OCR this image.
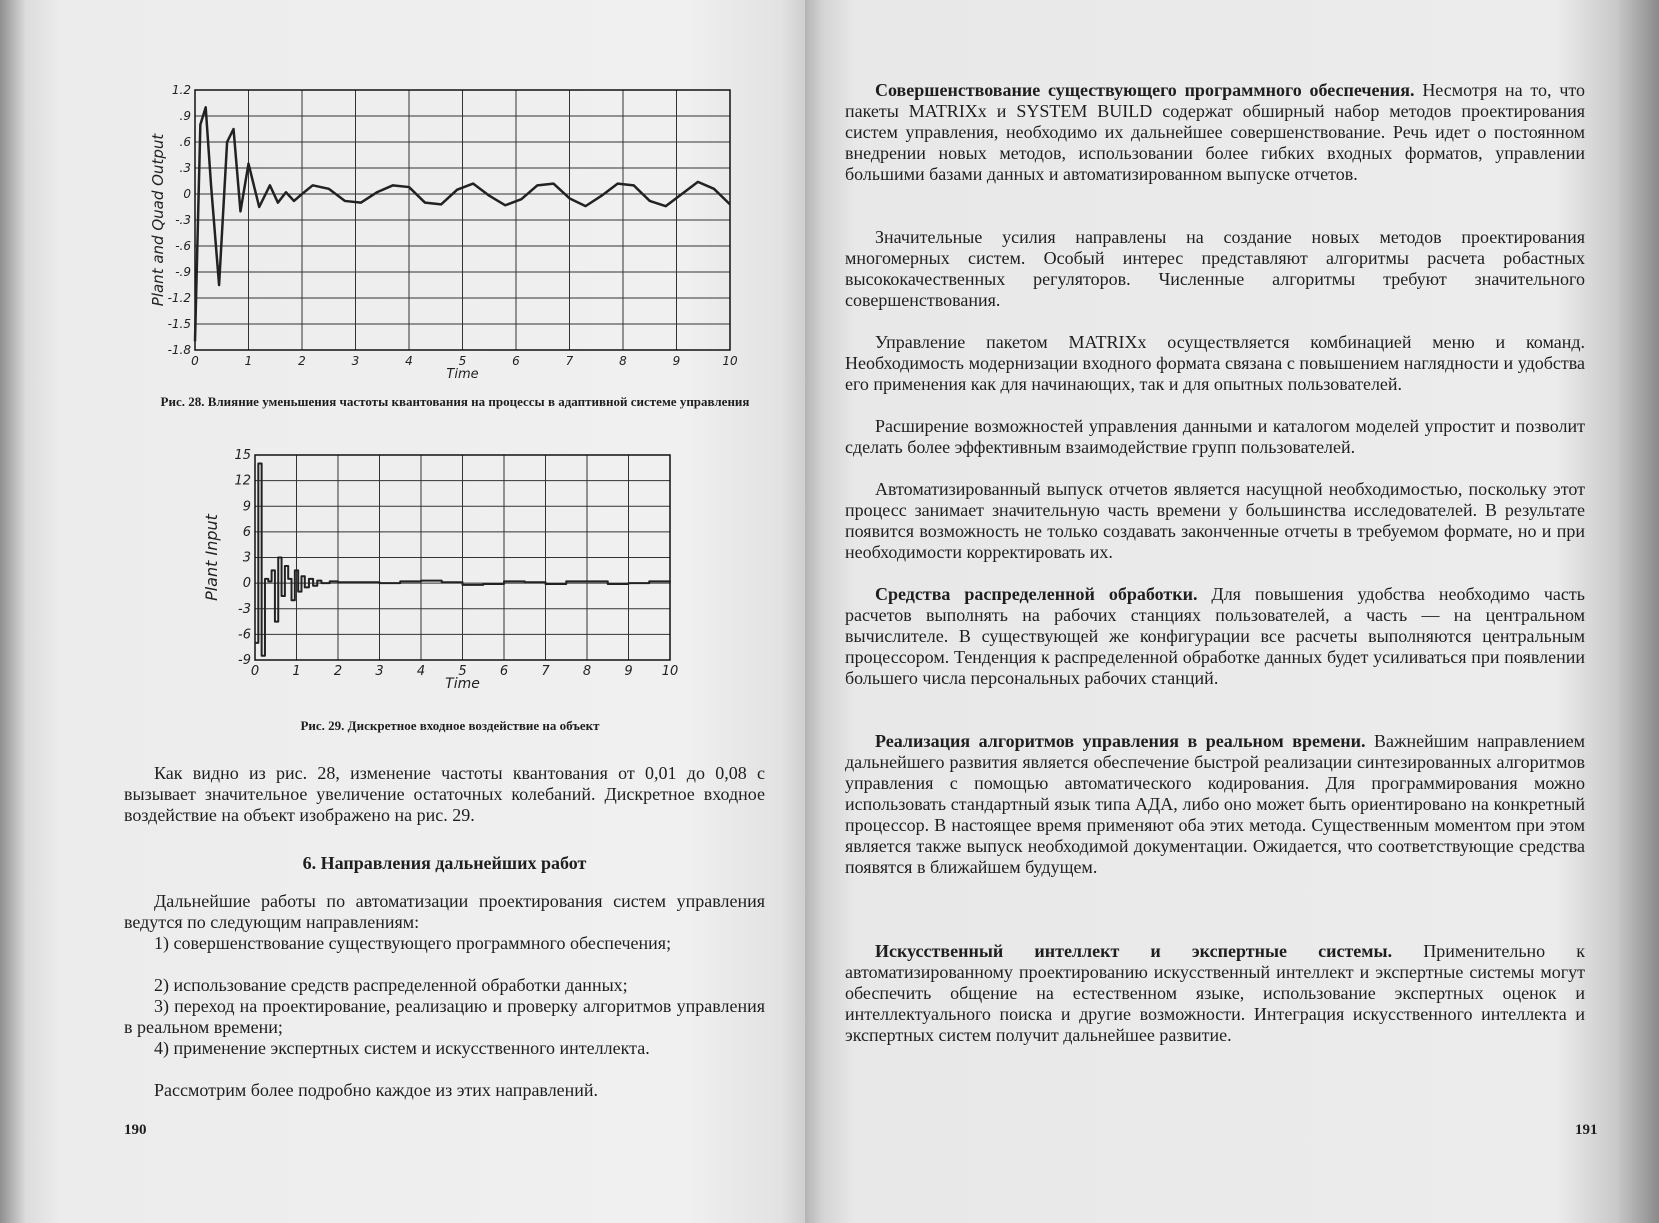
0	1	2	3	4	5	6	7	8	9	10
1.2
.9
.6
.3
0
-.3
-.6
-.9
-1.2
-1.5
-1.8
Time
Plant and Quad Output
Рис. 28. Влияние уменьшения частоты квантования на процессы в адаптивной системе управления
0	1	2	3	4	5	6	7	8	9 10
15
12
9
6
3
0
-3
-6
-9
Time
Plant Input
Рис. 29. Дискретное входное воздействие на объект
Как видно из рис. 28, изменение частоты квантования от 0,01 до 0,08 с вызывает значительное увеличение остаточных колебаний. Дискретное входное воздействие на объект изображено на рис. 29.
6. Направления дальнейших работ
Дальнейшие работы по автоматизации проектирования систем управления ведутся по следующим направлениям:
1) совершенствование существующего программного обеспечения;
2) использование средств распределенной обработки данных;
3) переход на проектирование, реализацию и проверку алгоритмов управления в реальном времени;
4) применение экспертных систем и искусственного интеллекта.
Рассмотрим более подробно каждое из этих направлений.
190
Совершенствование существующего программного обеспечения. Несмотря на то, что пакеты MATRIXx и SYSTEM BUILD содержат обширный набор методов проектирования систем управления, необходимо их дальнейшее совершенствование. Речь идет о постоянном внедрении новых методов, использовании более гибких входных форматов, управлении большими базами данных и автоматизированном выпуске отчетов.
Значительные усилия направлены на создание новых методов проектирования многомерных систем. Особый интерес представляют алгоритмы расчета робастных высококачественных регуляторов. Численные алгоритмы требуют значительного совершенствования.
Управление пакетом MATRIXx осуществляется комбинацией меню и команд. Необходимость модернизации входного формата связана с повышением наглядности и удобства его применения как для начинающих, так и для опытных пользователей.
Расширение возможностей управления данными и каталогом моделей упростит и позволит сделать более эффективным взаимодействие групп пользователей.
Автоматизированный выпуск отчетов является насущной необходимостью, поскольку этот процесс занимает значительную часть времени у большинства исследователей. В результате появится возможность не только создавать законченные отчеты в требуемом формате, но и при необходимости корректировать их.
Средства распределенной обработки. Для повышения удобства необходимо часть расчетов выполнять на рабочих станциях пользователей, а часть — на центральном вычислителе. В существующей же конфигурации все расчеты выполняются центральным процессором. Тенденция к распределенной обработке данных будет усиливаться при появлении большего числа персональных рабочих станций.
Реализация алгоритмов управления в реальном времени. Важнейшим направлением дальнейшего развития является обеспечение быстрой реализации синтезированных алгоритмов управления с помощью автоматического кодирования. Для программирования можно использовать стандартный язык типа АДА, либо оно может быть ориентировано на конкретный процессор. В настоящее время применяют оба этих метода. Существенным моментом при этом является также выпуск необходимой документации. Ожидается, что соответствующие средства появятся в ближайшем будущем.
Искусственный интеллект и экспертные системы. Применительно к автоматизированному проектированию искусственный интеллект и экспертные системы могут обеспечить общение на естественном языке, использование экспертных оценок и интеллектуального поиска и другие возможности. Интеграция искусственного интеллекта и экспертных систем получит дальнейшее развитие.
191
